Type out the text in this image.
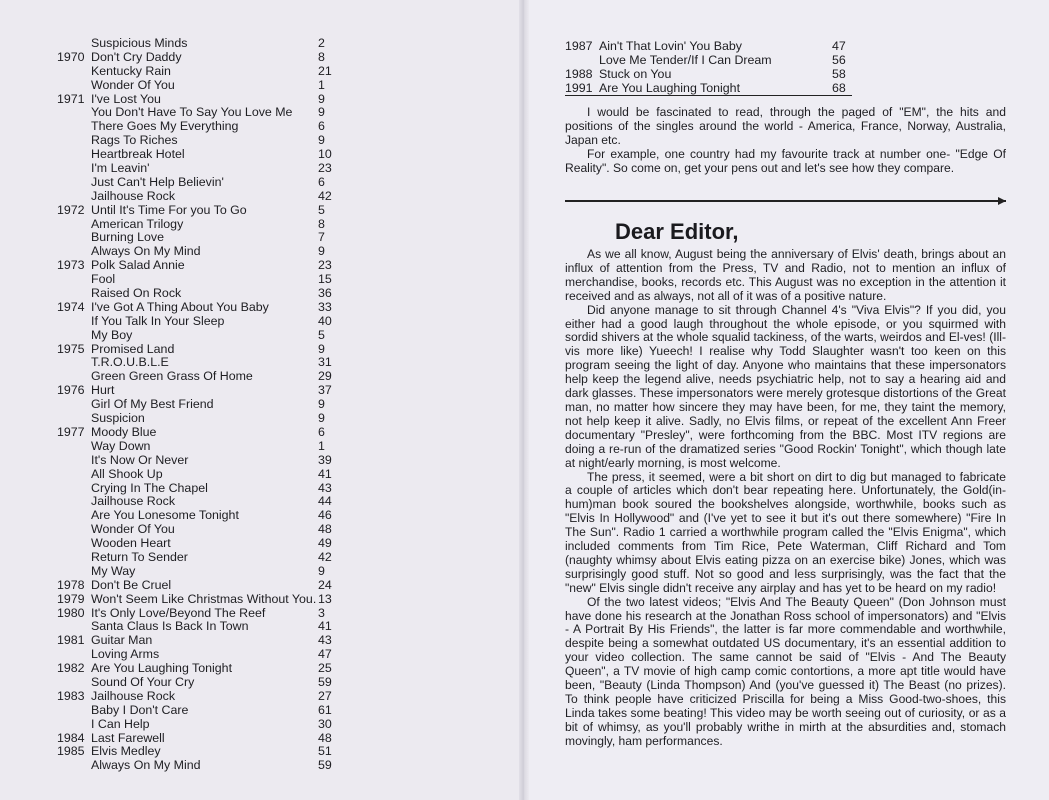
Suspicious Minds	2
1970 Don't Cry Daddy	8
Kentucky Rain	21
Wonder Of You	1
1971 I've Lost You	9
You Don't Have To Say You Love Me 9
There Goes My Everything	6
Rags To Riches	9
Heartbreak Hotel	10
I'm Leavin'	23
Just Can't Help Believin'	6
Jailhouse Rock	42
1972 Until It's Time For you To Go	5
American Trilogy	8
Burning Love	7
Always On My Mind	9
1973 Polk Salad Annie	23
Fool	15
Raised On Rock	36
1974 I've Got A Thing About You Baby	33
If You Talk In Your Sleep	40
My Boy	5
1975 Promised Land	9
T.R.O.U.B.L.E	31
Green Green Grass Of Home	29
1976 Hurt	37
Girl Of My Best Friend	9
Suspicion	9
1977 Moody Blue	6
Way Down	1
It's Now Or Never	39
All Shook Up	41
Crying In The Chapel	43
Jailhouse Rock	44
Are You Lonesome Tonight	46
Wonder Of You	48
Wooden Heart	49
Return To Sender	42
My Way	9
1978 Don't Be Cruel	24
1979 Won't Seem Like Christmas Without You. 13
1980 It's Only Love/Beyond The Reef	3
Santa Claus Is Back In Town	41
1981 Guitar Man	43
Loving Arms	47
1982 Are You Laughing Tonight	25
Sound Of Your Cry	59
1983 Jailhouse Rock	27
Baby I Don't Care	61
I Can Help	30
1984 Last Farewell	48
1985 Elvis Medley	51
Always On My Mind	59
1987 Ain't That Lovin' You Baby	47
Love Me Tender/If I Can Dream	56
1988 Stuck on You	58
1991 Are You Laughing Tonight	68

I would be fascinated to read, through the paged of "EM", the hits and positions of the singles around the world - America, France, Norway, Australia, Japan etc.

For example, one country had my favourite track at number one- "Edge Of Reality". So come on, get your pens out and let's see how they compare.

Dear Editor,

As we all know, August being the anniversary of Elvis' death, brings about an influx of attention from the Press, TV and Radio, not to mention an influx of merchandise, books, records etc. This August was no exception in the attention it received and as always, not all of it was of a positive nature.

Did anyone manage to sit through Channel 4's "Viva Elvis"? If you did, you either had a good laugh throughout the whole episode, or you squirmed with sordid shivers at the whole squalid tackiness, of the warts, weirdos and El-ves! (Ill-vis more like) Yueech! I realise why Todd Slaughter wasn't too keen on this program seeing the light of day. Anyone who maintains that these impersonators help keep the legend alive, needs psychiatric help, not to say a hearing aid and dark glasses. These impersonators were merely grotesque distortions of the Great man, no matter how sincere they may have been, for me, they taint the memory, not help keep it alive. Sadly, no Elvis films, or repeat of the excellent Ann Freer documentary "Presley", were forthcoming from the BBC. Most ITV regions are doing a re-run of the dramatized series "Good Rockin' Tonight", which though late at night/early morning, is most welcome.

The press, it seemed, were a bit short on dirt to dig but managed to fabricate a couple of articles which don't bear repeating here. Unfortunately, the Gold(in-hum)man book soured the bookshelves alongside, worthwhile, books such as "Elvis In Hollywood" and (I've yet to see it but it's out there somewhere) "Fire In The Sun". Radio 1 carried a worthwhile program called the "Elvis Enigma", which included comments from Tim Rice, Pete Waterman, Cliff Richard and Tom (naughty whimsy about Elvis eating pizza on an exercise bike) Jones, which was surprisingly good stuff. Not so good and less surprisingly, was the fact that the "new" Elvis single didn't receive any airplay and has yet to be heard on my radio!

Of the two latest videos; "Elvis And The Beauty Queen" (Don Johnson must have done his research at the Jonathan Ross school of impersonators) and "Elvis - A Portrait By His Friends", the latter is far more commendable and worthwhile, despite being a somewhat outdated US documentary, it's an essential addition to your video collection. The same cannot be said of "Elvis - And The Beauty Queen", a TV movie of high camp comic contortions, a more apt title would have been, "Beauty (Linda Thompson) And (you've guessed it) The Beast (no prizes). To think people have criticized Priscilla for being a Miss Good-two-shoes, this Linda takes some beating! This video may be worth seeing out of curiosity, or as a bit of whimsy, as you'll probably writhe in mirth at the absurdities and, stomach movingly, ham performances.
